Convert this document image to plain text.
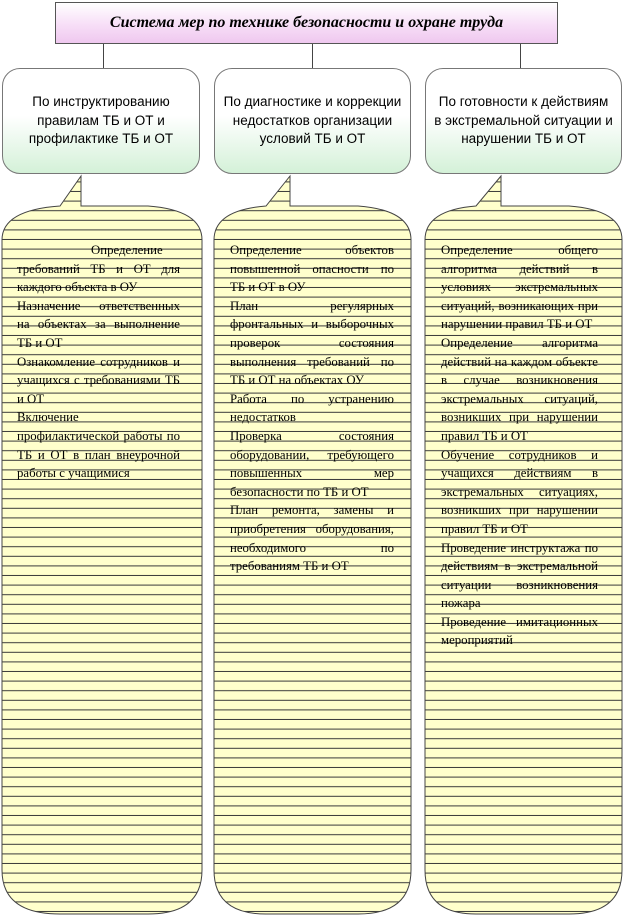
Система мер по технике безопасности и охране труда
По инструктированию правилам ТБ и ОТ и профилактике ТБ и ОТ
По диагностике и коррекции недостатков организации условий ТБ и ОТ
По готовности к действиям в экстремальной ситуации и нарушении ТБ и ОТ

Определение требований ТБ и ОТ для каждого объекта в ОУ

Назначение ответственных на объектах за выполнение ТБ и ОТ

Ознакомление сотрудников и учащихся с требованиями ТБ и ОТ

Включение профилактической работы по ТБ и ОТ в план внеурочной работы с учащимися

Определение объектов повышенной опасности по ТБ и ОТ в ОУ

План регулярных фронтальных и выборочных проверок состояния выполнения требований по ТБ и ОТ на объектах ОУ

Работа по устранению недостатков

Проверка состояния оборудовании, требующего повышенных мер безопасности по ТБ и ОТ

План ремонта, замены и приобретения оборудования, необходимого по требованиям ТБ и ОТ

Определение общего алгоритма действий в условиях экстремальных ситуаций, возникающих при нарушении правил ТБ и ОТ

Определение алгоритма действий на каждом объекте в случае возникновения экстремальных ситуаций, возникших при нарушении правил ТБ и ОТ

Обучение сотрудников и учащихся действиям в экстремальных ситуациях, возникших при нарушении правил ТБ и ОТ

Проведение инструктажа по действиям в экстремальной ситуации возникновения пожара

Проведение имитационных мероприятий
